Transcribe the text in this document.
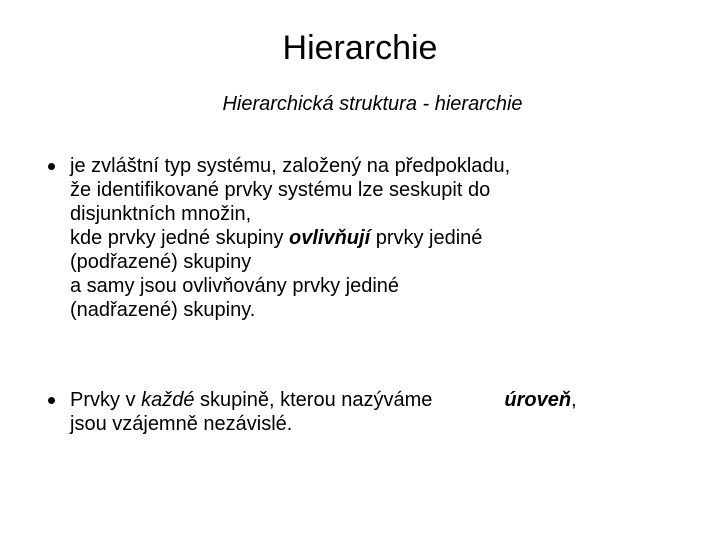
Hierarchie
Hierarchická struktura - hierarchie
je zvláštní typ systému, založený na předpokladu,
že identifikované prvky systému lze seskupit do
disjunktních množin,
kde prvky jedné skupiny ovlivňují prvky jediné
(podřazené) skupiny
a samy jsou ovlivňovány prvky jediné
(nadřazené) skupiny.
Prvky v každé skupině, kterou nazýváme	úroveň,
jsou vzájemně nezávislé.
